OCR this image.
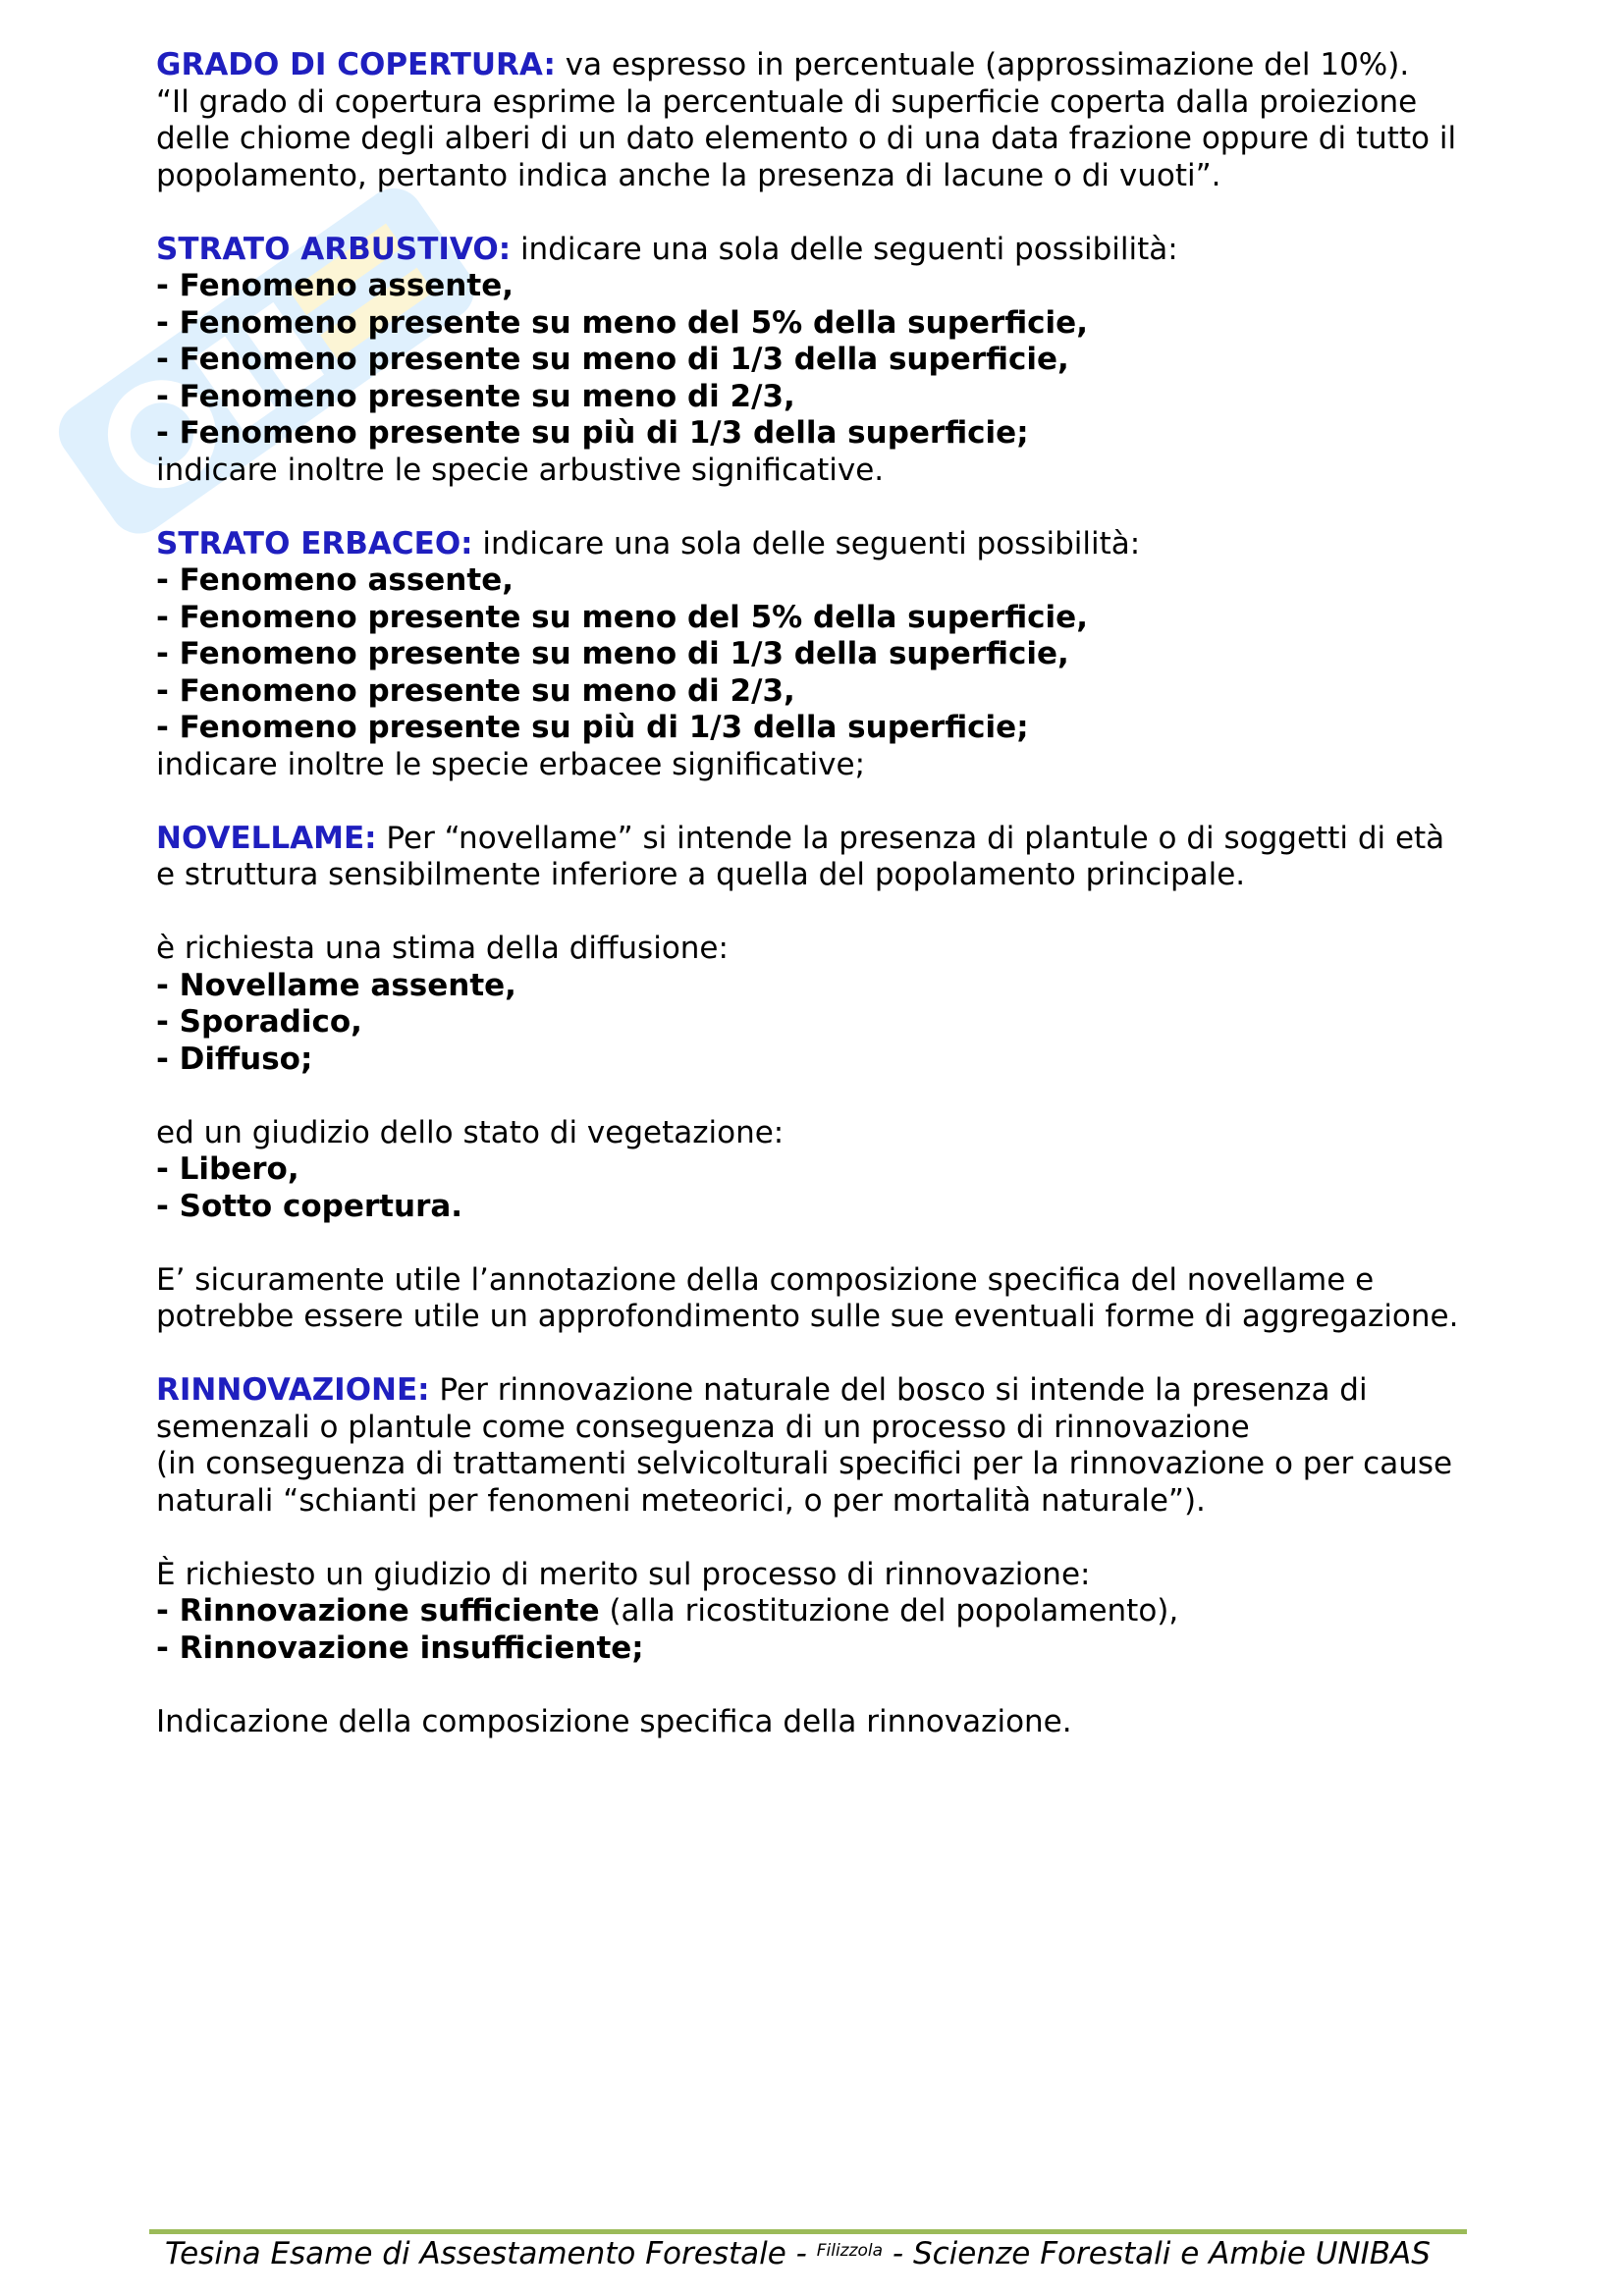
GRADO DI COPERTURA: va espresso in percentuale (approssimazione del 10%).
“Il grado di copertura esprime la percentuale di superficie coperta dalla proiezione
delle chiome degli alberi di un dato elemento o di una data frazione oppure di tutto il
popolamento, pertanto indica anche la presenza di lacune o di vuoti”.
STRATO ARBUSTIVO: indicare una sola delle seguenti possibilità:
- Fenomeno assente,
- Fenomeno presente su meno del 5% della superficie,
- Fenomeno presente su meno di 1/3 della superficie,
- Fenomeno presente su meno di 2/3,
- Fenomeno presente su più di 1/3 della superficie;
indicare inoltre le specie arbustive significative.
STRATO ERBACEO: indicare una sola delle seguenti possibilità:
- Fenomeno assente,
- Fenomeno presente su meno del 5% della superficie,
- Fenomeno presente su meno di 1/3 della superficie,
- Fenomeno presente su meno di 2/3,
- Fenomeno presente su più di 1/3 della superficie;
indicare inoltre le specie erbacee significative;
NOVELLAME: Per “novellame” si intende la presenza di plantule o di soggetti di età
e struttura sensibilmente inferiore a quella del popolamento principale.
è richiesta una stima della diffusione:
- Novellame assente,
- Sporadico,
- Diffuso;
ed un giudizio dello stato di vegetazione:
- Libero,
- Sotto copertura.
E’ sicuramente utile l’annotazione della composizione specifica del novellame e
potrebbe essere utile un approfondimento sulle sue eventuali forme di aggregazione.
RINNOVAZIONE: Per rinnovazione naturale del bosco si intende la presenza di
semenzali o plantule come conseguenza di un processo di rinnovazione
(in conseguenza di trattamenti selvicolturali specifici per la rinnovazione o per cause
naturali “schianti per fenomeni meteorici, o per mortalità naturale”).
È richiesto un giudizio di merito sul processo di rinnovazione:
- Rinnovazione sufficiente (alla ricostituzione del popolamento),
- Rinnovazione insufficiente;
Indicazione della composizione specifica della rinnovazione.
Tesina Esame di Assestamento Forestale - $^{Filizzola}$ - Scienze Forestali e Ambie UNIBAS
